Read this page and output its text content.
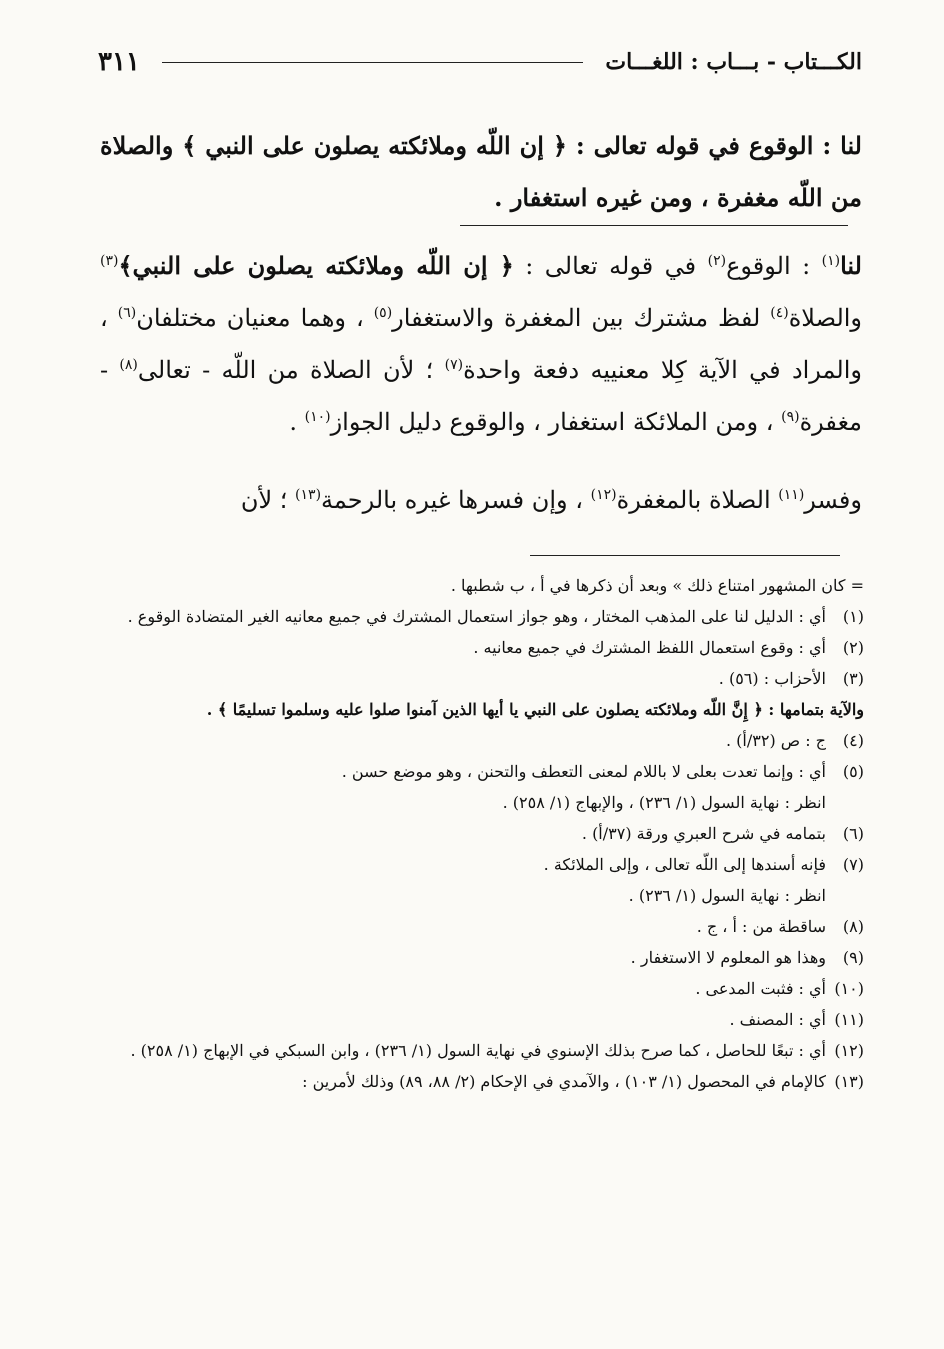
الكـــتاب - بـــاب : اللغـــات
٣١١

لنا : الوقوع في قوله تعالى : ﴿ إن اللّه وملائكته يصلون على النبي ﴾ والصلاة من اللّه مغفرة ، ومن غيره استغفار .

لنا$^{(١)}$ : الوقوع$^{(٢)}$ في قوله تعالى : ﴿ إن اللّه وملائكته يصلون على النبي﴾$^{(٣)}$ والصلاة$^{(٤)}$ لفظ مشترك بين المغفرة والاستغفار$^{(٥)}$ ، وهما معنيان مختلفان$^{(٦)}$ ، والمراد في الآية كِلا معنييه دفعة واحدة$^{(٧)}$ ؛ لأن الصلاة من اللّه - تعالى$^{(٨)}$ - مغفرة$^{(٩)}$ ، ومن الملائكة استغفار ، والوقوع دليل الجواز$^{(١٠)}$ .

وفسر$^{(١١)}$ الصلاة بالمغفرة$^{(١٢)}$ ، وإن فسرها غيره بالرحمة$^{(١٣)}$ ؛ لأن

= كان المشهور امتناع ذلك » وبعد أن ذكرها في أ ، ب شطبها .
(١)
أي : الدليل لنا على المذهب المختار ، وهو جواز استعمال المشترك في جميع معانيه الغير المتضادة الوقوع .
(٢)
أي : وقوع استعمال اللفظ المشترك في جميع معانيه .
(٣)
الأحزاب : (٥٦) .
والآية بتمامها : ﴿ إِنَّ اللّه وملائكته يصلون على النبي يا أيها الذين آمنوا صلوا عليه وسلموا تسليمًا ﴾ .
(٤)
ج : ص (٣٢/أ) .
(٥)
أي : وإنما تعدت بعلى لا باللام لمعنى التعطف والتحنن ، وهو موضع حسن .
انظر : نهاية السول (١/ ٢٣٦) ، والإبهاج (١/ ٢٥٨) .
(٦)
بتمامه في شرح العبري ورقة (٣٧/أ) .
(٧)
فإنه أسندها إلى اللّه تعالى ، وإلى الملائكة .
انظر : نهاية السول (١/ ٢٣٦) .
(٨)
ساقطة من : أ ، ج .
(٩)
وهذا هو المعلوم لا الاستغفار .
(١٠)
أي : فثبت المدعى .
(١١)
أي : المصنف .
(١٢)
أي : تبعًا للحاصل ، كما صرح بذلك الإسنوي في نهاية السول (١/ ٢٣٦) ، وابن السبكي في الإبهاج (١/ ٢٥٨) .
(١٣)
كالإمام في المحصول (١/ ١٠٣) ، والآمدي في الإحكام (٢/ ٨٨، ٨٩) وذلك لأمرين :
